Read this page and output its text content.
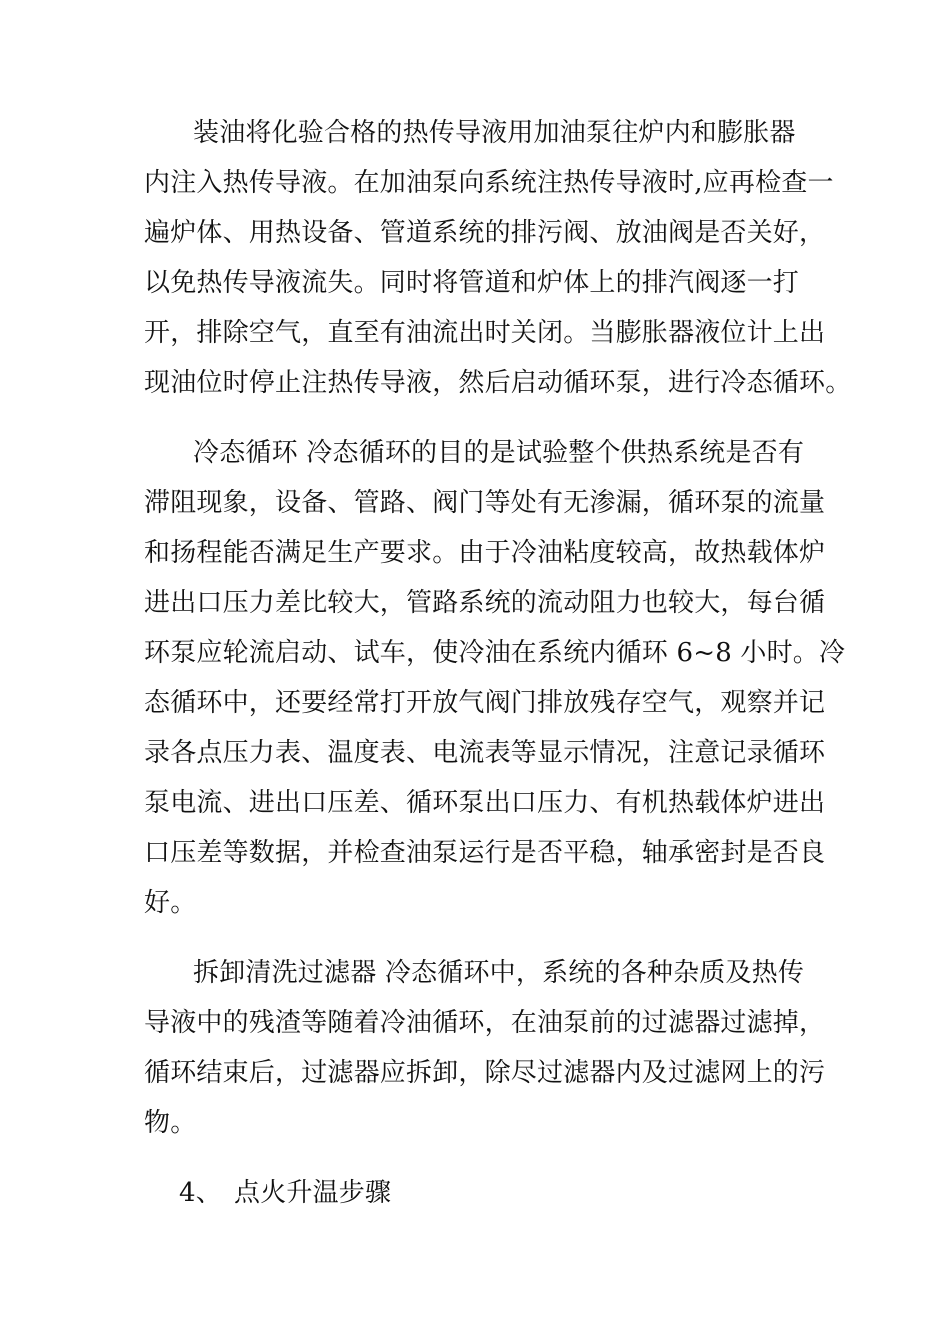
装油将化验合格的热传导液用加油泵往炉内和膨胀器
内注入热传导液。在加油泵向系统注热传导液时,应再检查一
遍炉体、用热设备、管道系统的排污阀、放油阀是否关好，
以免热传导液流失。同时将管道和炉体上的排汽阀逐一打
开，排除空气，直至有油流出时关闭。当膨胀器液位计上出
现油位时停止注热传导液，然后启动循环泵，进行冷态循环。
冷态循环 冷态循环的目的是试验整个供热系统是否有
滞阻现象，设备、管路、阀门等处有无渗漏，循环泵的流量
和扬程能否满足生产要求。由于冷油粘度较高，故热载体炉
进出口压力差比较大，管路系统的流动阻力也较大，每台循
环泵应轮流启动、试车，使冷油在系统内循环 6~8 小时。冷
态循环中，还要经常打开放气阀门排放残存空气，观察并记
录各点压力表、温度表、电流表等显示情况，注意记录循环
泵电流、进出口压差、循环泵出口压力、有机热载体炉进出
口压差等数据，并检查油泵运行是否平稳，轴承密封是否良
好。
拆卸清洗过滤器 冷态循环中，系统的各种杂质及热传
导液中的残渣等随着冷油循环，在油泵前的过滤器过滤掉，
循环结束后，过滤器应拆卸，除尽过滤器内及过滤网上的污
物。
4、 点火升温步骤
